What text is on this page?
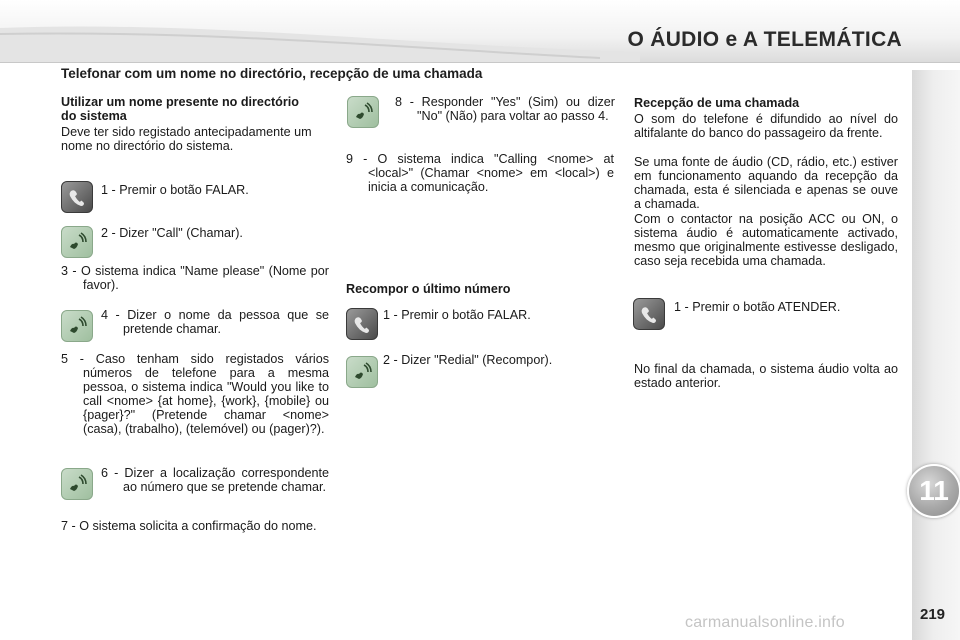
O ÁUDIO e A TELEMÁTICA
11
219
carmanualsonline.info
Telefonar com um nome no directório, recepção de uma chamada
Utilizar um nome presente no directório do sistema
Deve ter sido registado antecipadamente um nome no directório do sistema.
1 - Premir o botão FALAR.
2 - Dizer "Call" (Chamar).
3 - O sistema indica "Name please" (Nome por favor).
4 - Dizer o nome da pessoa que se pretende chamar.
5 - Caso tenham sido registados vários números de telefone para a mesma pessoa, o sistema indica "Would you like to call <nome> {at home}, {work}, {mobile} ou {pager}?" (Pretende chamar <nome> (casa), (trabalho), (telemóvel) ou (pager)?).
6 - Dizer a localização correspondente ao número que se pretende chamar.
7 - O sistema solicita a confirmação do nome.
8 - Responder "Yes" (Sim) ou dizer "No" (Não) para voltar ao passo 4.
9 - O sistema indica "Calling <nome> at <local>" (Chamar <nome> em <local>) e inicia a comunicação.
Recompor o último número
1 - Premir o botão FALAR.
2 - Dizer "Redial" (Recompor).
Recepção de uma chamada
O som do telefone é difundido ao nível do altifalante do banco do passageiro da frente.
Se uma fonte de áudio (CD, rádio, etc.) estiver em funcionamento aquando da recepção da chamada, esta é silenciada e apenas se ouve a chamada.
Com o contactor na posição ACC ou ON, o sistema áudio é automaticamente activado, mesmo que originalmente estivesse desligado, caso seja recebida uma chamada.
1 - Premir o botão ATENDER.
No final da chamada, o sistema áudio volta ao estado anterior.
